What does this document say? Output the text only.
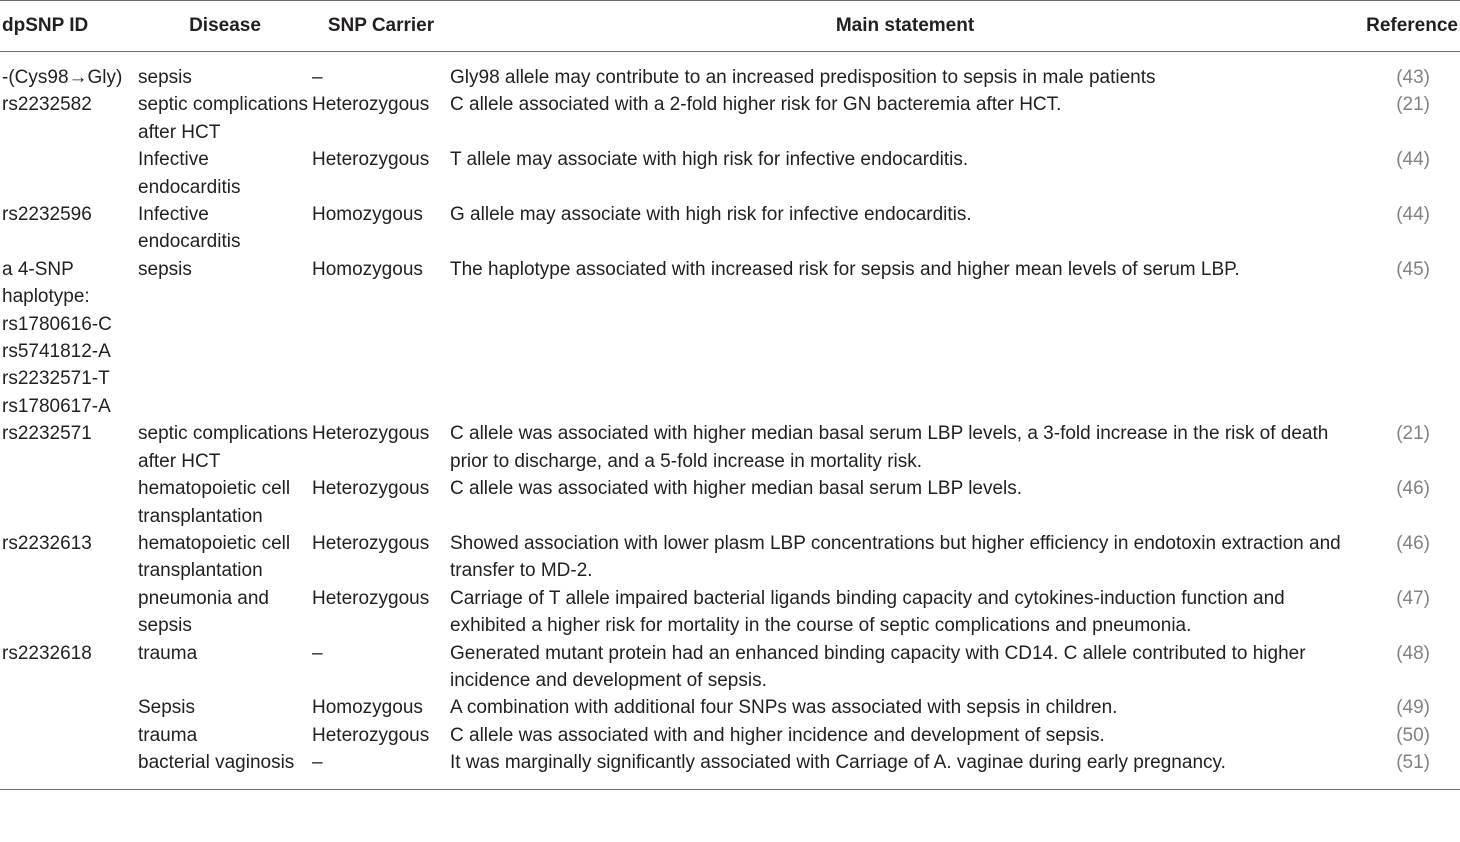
dpSNP ID	Disease	SNP Carrier	Main statement	Reference
-(Cys98→Gly)	sepsis	–	Gly98 allele may contribute to an increased predisposition to sepsis in male patients	(43)
rs2232582	septic complications after HCT	Heterozygous	C allele associated with a 2-fold higher risk for GN bacteremia after HCT.	(21)
	Infective endocarditis	Heterozygous	T allele may associate with high risk for infective endocarditis.	(44)
rs2232596	Infective endocarditis	Homozygous	G allele may associate with high risk for infective endocarditis.	(44)
a 4-SNP haplotype: rs1780616-C rs5741812-A rs2232571-T rs1780617-A	sepsis	Homozygous	The haplotype associated with increased risk for sepsis and higher mean levels of serum LBP.	(45)
rs2232571	septic complications after HCT	Heterozygous	C allele was associated with higher median basal serum LBP levels, a 3-fold increase in the risk of death prior to discharge, and a 5-fold increase in mortality risk.	(21)
	hematopoietic cell transplantation	Heterozygous	C allele was associated with higher median basal serum LBP levels.	(46)
rs2232613	hematopoietic cell transplantation	Heterozygous	Showed association with lower plasm LBP concentrations but higher efficiency in endotoxin extraction and transfer to MD-2.	(46)
	pneumonia and sepsis	Heterozygous	Carriage of T allele impaired bacterial ligands binding capacity and cytokines-induction function and exhibited a higher risk for mortality in the course of septic complications and pneumonia.	(47)
rs2232618	trauma	–	Generated mutant protein had an enhanced binding capacity with CD14. C allele contributed to higher incidence and development of sepsis.	(48)
	Sepsis	Homozygous	A combination with additional four SNPs was associated with sepsis in children.	(49)
	trauma	Heterozygous	C allele was associated with and higher incidence and development of sepsis.	(50)
	bacterial vaginosis	–	It was marginally significantly associated with Carriage of A. vaginae during early pregnancy.	(51)
